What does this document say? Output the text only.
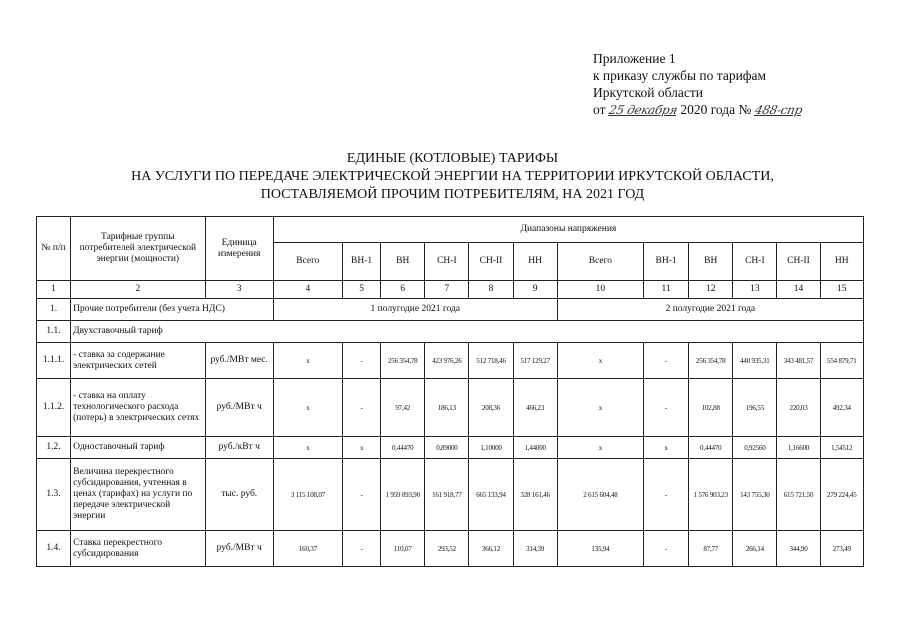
Приложение 1
к приказу службы по тарифам
Иркутской области
от 25 декабря 2020 года № 488-спр
ЕДИНЫЕ (КОТЛОВЫЕ) ТАРИФЫ
НА УСЛУГИ ПО ПЕРЕДАЧЕ ЭЛЕКТРИЧЕСКОЙ ЭНЕРГИИ НА ТЕРРИТОРИИ ИРКУТСКОЙ ОБЛАСТИ,
ПОСТАВЛЯЕМОЙ ПРОЧИМ ПОТРЕБИТЕЛЯМ, НА 2021 ГОД
№ п/п	Тарифные группы потребителей электрической энергии (мощности)	Единица измерения	Диапазоны напряжения											
			Всего	ВН-1	ВН	СН-I	СН-II	НН	Всего	ВН-1	ВН	СН-I	СН-II	НН
1	2	3	4	5	6	7	8	9	10	11	12	13	14	15
1.	Прочие потребители (без учета НДС)		1 полугодие 2021 года						2 полугодие 2021 года					
1.1.	Двухставочный тариф													
1.1.1.	- ставка за содержание электрических сетей	руб./МВт мес.	х	-	256 354,78	423 976,26	512 718,46	517 129,27	х	-	256 354,78	440 935,31	343 481,57	554 879,71
1.1.2.	- ставка на оплату технологического расхода (потерь) в электрических сетях	руб./МВт ч	х	-	97,42	186,13	208,36	466,23	х	-	102,88	196,55	220,03	492,34
1.2.	Одноставочный тариф	руб./кВт ч	х	х	0,44470	0,89000	1,10000	1,44000	х	х	0,44470	0,92560	1,16600	1,54512
1.3.	Величина перекрестного субсидирования, учтенная в ценах (тарифах) на услуги по передаче электрической энергии	тыс. руб.	3 115 108,07	-	1 959 893,90	161 918,77	665 133,94	328 161,46	2 615 604,48	-	1 576 903,23	143 755,30	615 721,50	279 224,45
1.4.	Ставка перекрестного субсидирования	руб./МВт ч	160,37	-	110,07	293,52	366,12	314,39	135,94	-	87,77	266,14	344,90	273,49
